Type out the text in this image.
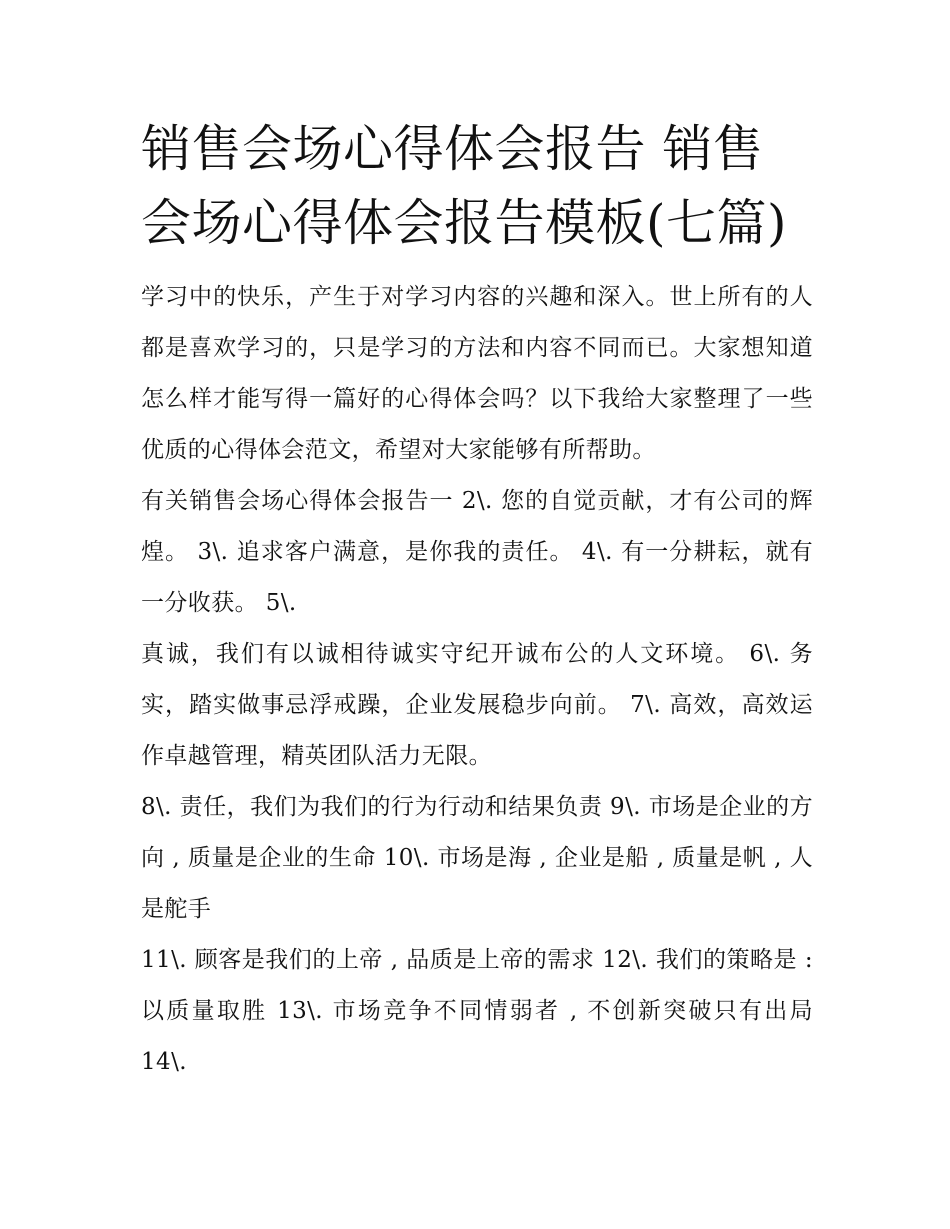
销售会场心得体会报告 销售会场心得体会报告模板(七篇)

学习中的快乐，产生于对学习内容的兴趣和深入。世上所有的人都是喜欢学习的，只是学习的方法和内容不同而已。大家想知道怎么样才能写得一篇好的心得体会吗？以下我给大家整理了一些优质的心得体会范文，希望对大家能够有所帮助。

有关销售会场心得体会报告一 2\. 您的自觉贡献，才有公司的辉煌。 3\. 追求客户满意，是你我的责任。 4\. 有一分耕耘，就有一分收获。 5\.

真诚，我们有以诚相待诚实守纪开诚布公的人文环境。 6\. 务实，踏实做事忌浮戒躁，企业发展稳步向前。 7\. 高效，高效运作卓越管理，精英团队活力无限。

8\. 责任，我们为我们的行为行动和结果负责 9\. 市场是企业的方向 , 质量是企业的生命 10\. 市场是海 , 企业是船 , 质量是帆 , 人是舵手

11\. 顾客是我们的上帝 , 品质是上帝的需求 12\. 我们的策略是 : 以质量取胜 13\. 市场竞争不同情弱者 , 不创新突破只有出局 14\.
